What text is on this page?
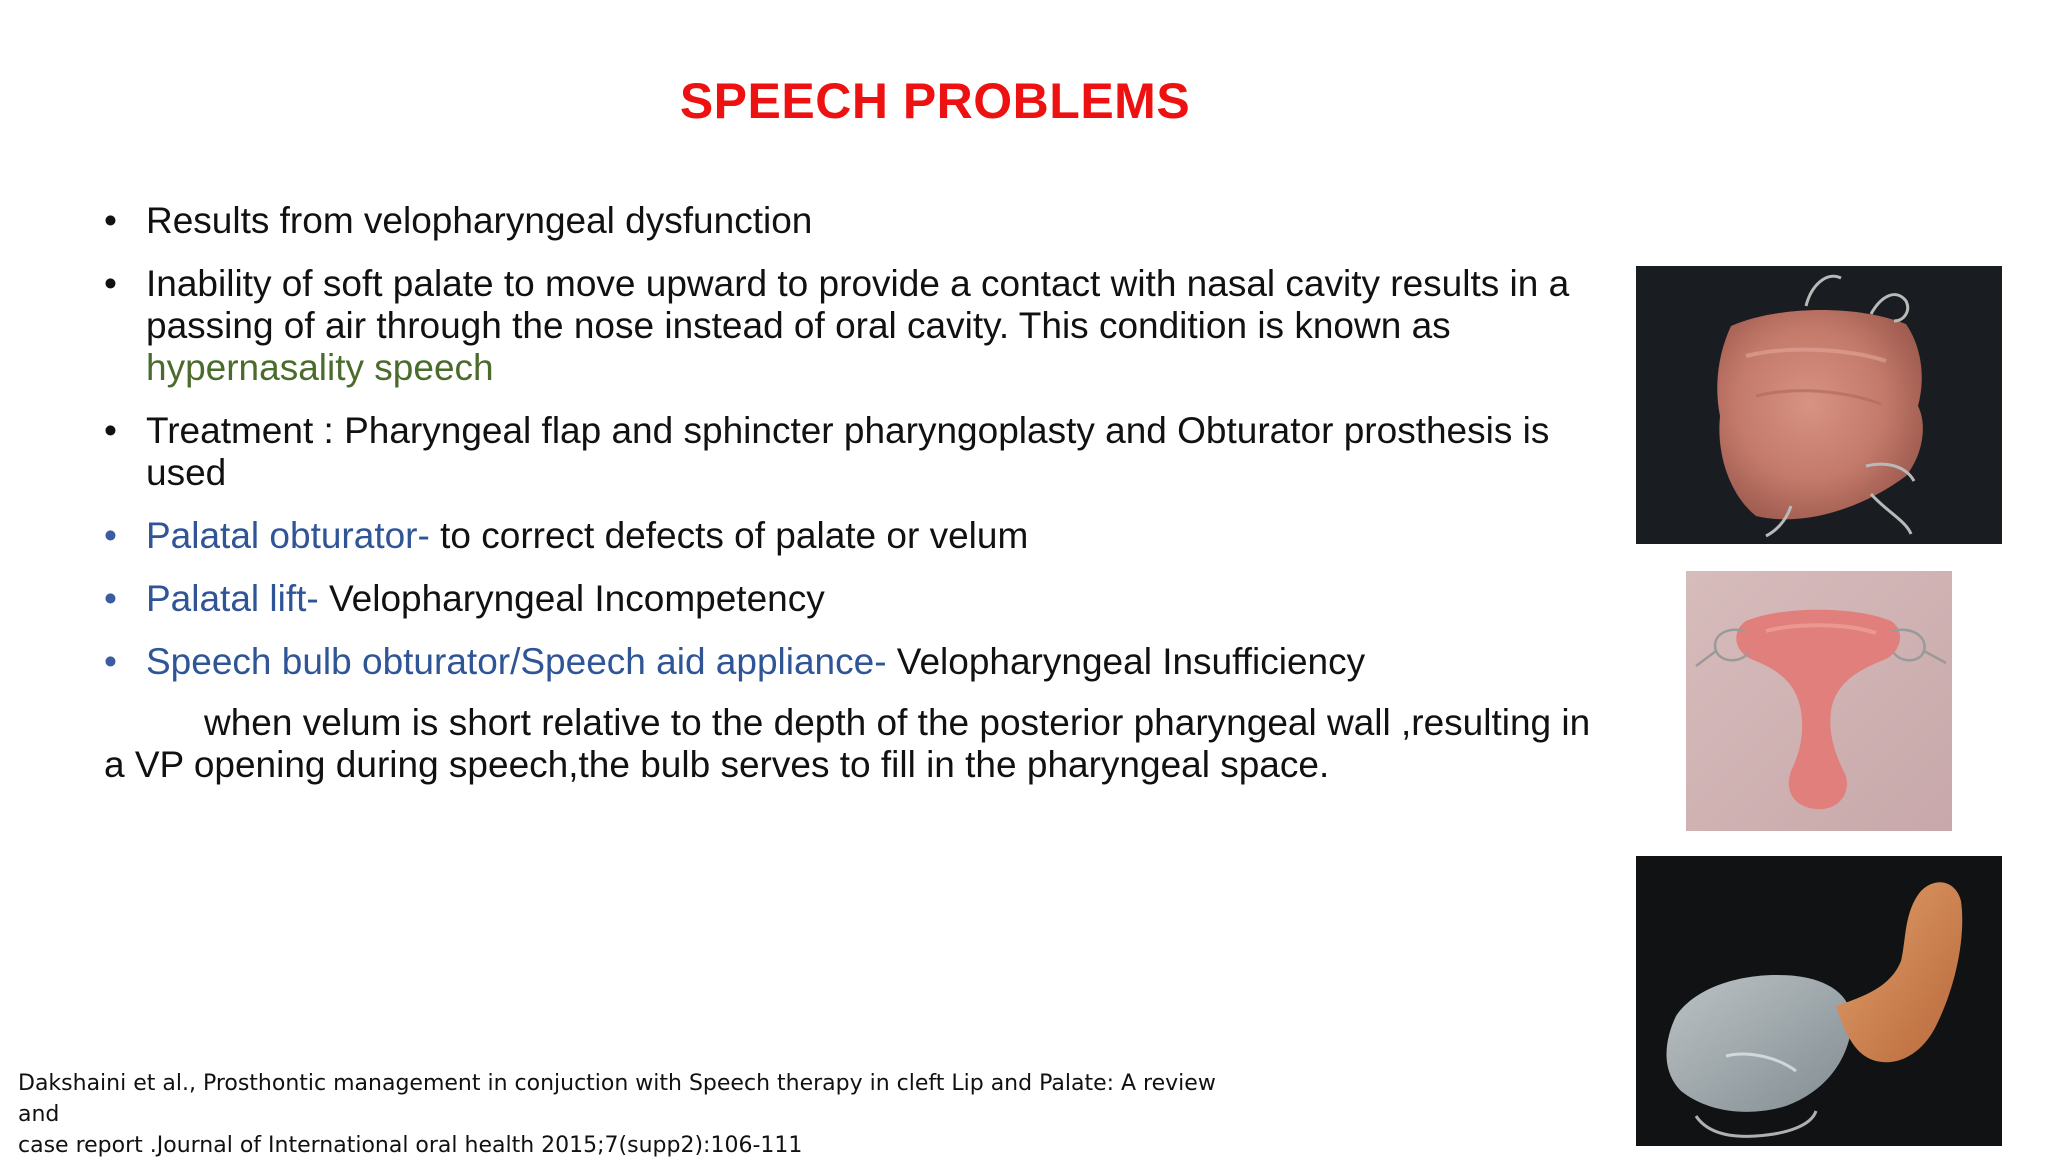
SPEECH PROBLEMS
• Results from velopharyngeal dysfunction
• Inability of soft palate to move upward to provide a contact with nasal cavity results in a passing of air through the nose instead of oral cavity. This condition is known as hypernasality speech
• Treatment : Pharyngeal flap and sphincter pharyngoplasty and Obturator prosthesis is used
• Palatal obturator- to correct defects of palate or velum
• Palatal lift- Velopharyngeal Incompetency
• Speech bulb obturator/Speech aid appliance- Velopharyngeal Insufficiency
when velum is short relative to the depth of the posterior pharyngeal wall ,resulting in a VP opening during speech,the bulb serves to fill in the pharyngeal space.
Dakshaini et al., Prosthontic management in conjuction with Speech therapy in cleft Lip and Palate: A review and
case report .Journal of International oral health 2015;7(supp2):106-111
